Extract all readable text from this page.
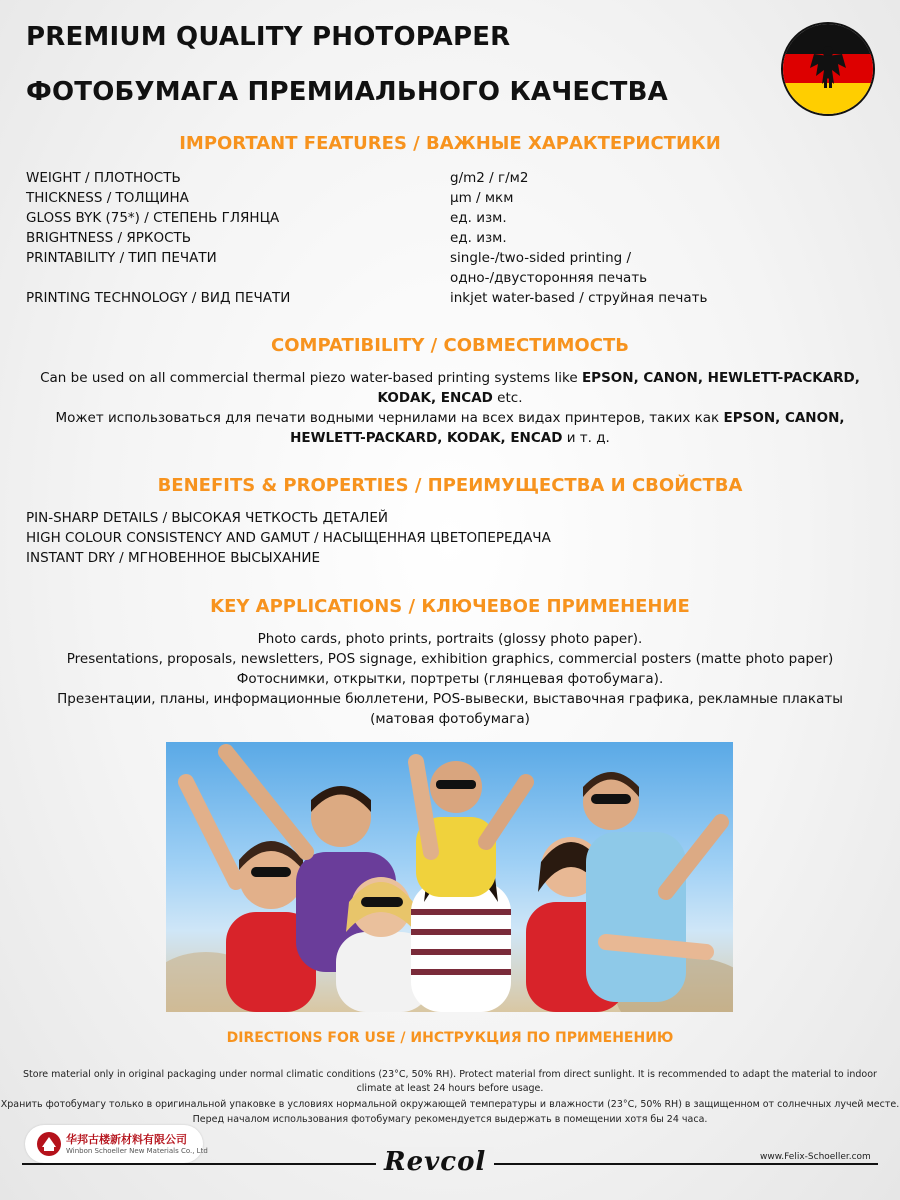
PREMIUM QUALITY PHOTOPAPER
ФОТОБУМАГА ПРЕМИАЛЬНОГО КАЧЕСТВА
IMPORTANT FEATURES / ВАЖНЫЕ ХАРАКТЕРИСТИКИ
WEIGHT / ПЛОТНОСТЬ	g/m2 / г/м2
THICKNESS / ТОЛЩИНА	µm / мкм
GLOSS BYK (75*) / СТЕПЕНЬ ГЛЯНЦА	ед. изм.
BRIGHTNESS / ЯРКОСТЬ	ед. изм.
PRINTABILITY / ТИП ПЕЧАТИ	single-/two-sided printing /
одно-/двусторонняя печать
PRINTING TECHNOLOGY / ВИД ПЕЧАТИ	inkjet water-based / струйная печать
COMPATIBILITY / СОВМЕСТИМОСТЬ
Can be used on all commercial thermal piezo water-based printing systems like EPSON, CANON, HEWLETT-PACKARD,
KODAK, ENCAD etc.
Может использоваться для печати водными чернилами на всех видах принтеров, таких как EPSON, CANON,
HEWLETT-PACKARD, KODAK, ENCAD и т. д.
BENEFITS & PROPERTIES / ПРЕИМУЩЕСТВА И СВОЙСТВА
PIN-SHARP DETAILS / ВЫСОКАЯ ЧЕТКОСТЬ ДЕТАЛЕЙ
HIGH COLOUR CONSISTENCY AND GAMUT / НАСЫЩЕННАЯ ЦВЕТОПЕРЕДАЧА
INSTANT DRY / МГНОВЕННОЕ ВЫСЫХАНИЕ
KEY APPLICATIONS / КЛЮЧЕВОЕ ПРИМЕНЕНИЕ
Photo cards, photo prints, portraits (glossy photo paper).
Presentations, proposals, newsletters, POS signage, exhibition graphics, commercial posters (matte photo paper)
Фотоснимки, открытки, портреты (глянцевая фотобумага).
Презентации, планы, информационные бюллетени, POS-вывески, выставочная графика, рекламные плакаты
(матовая фотобумага)
DIRECTIONS FOR USE / ИНСТРУКЦИЯ ПО ПРИМЕНЕНИЮ
Store material only in original packaging under normal climatic conditions (23°C, 50% RH). Protect material from direct sunlight. It is recommended to adapt the material to indoor
climate at least 24 hours before usage.
Хранить фотобумагу только в оригинальной упаковке в условиях нормальной окружающей температуры и влажности (23°C, 50% RH) в защищенном от солнечных лучей месте.
Перед началом использования фотобумагу рекомендуется выдержать в помещении хотя бы 24 часа.
华邦古楼新材料有限公司
Winbon Schoeller New Materials Co., Ltd	Revcol	www.Felix-Schoeller.com
